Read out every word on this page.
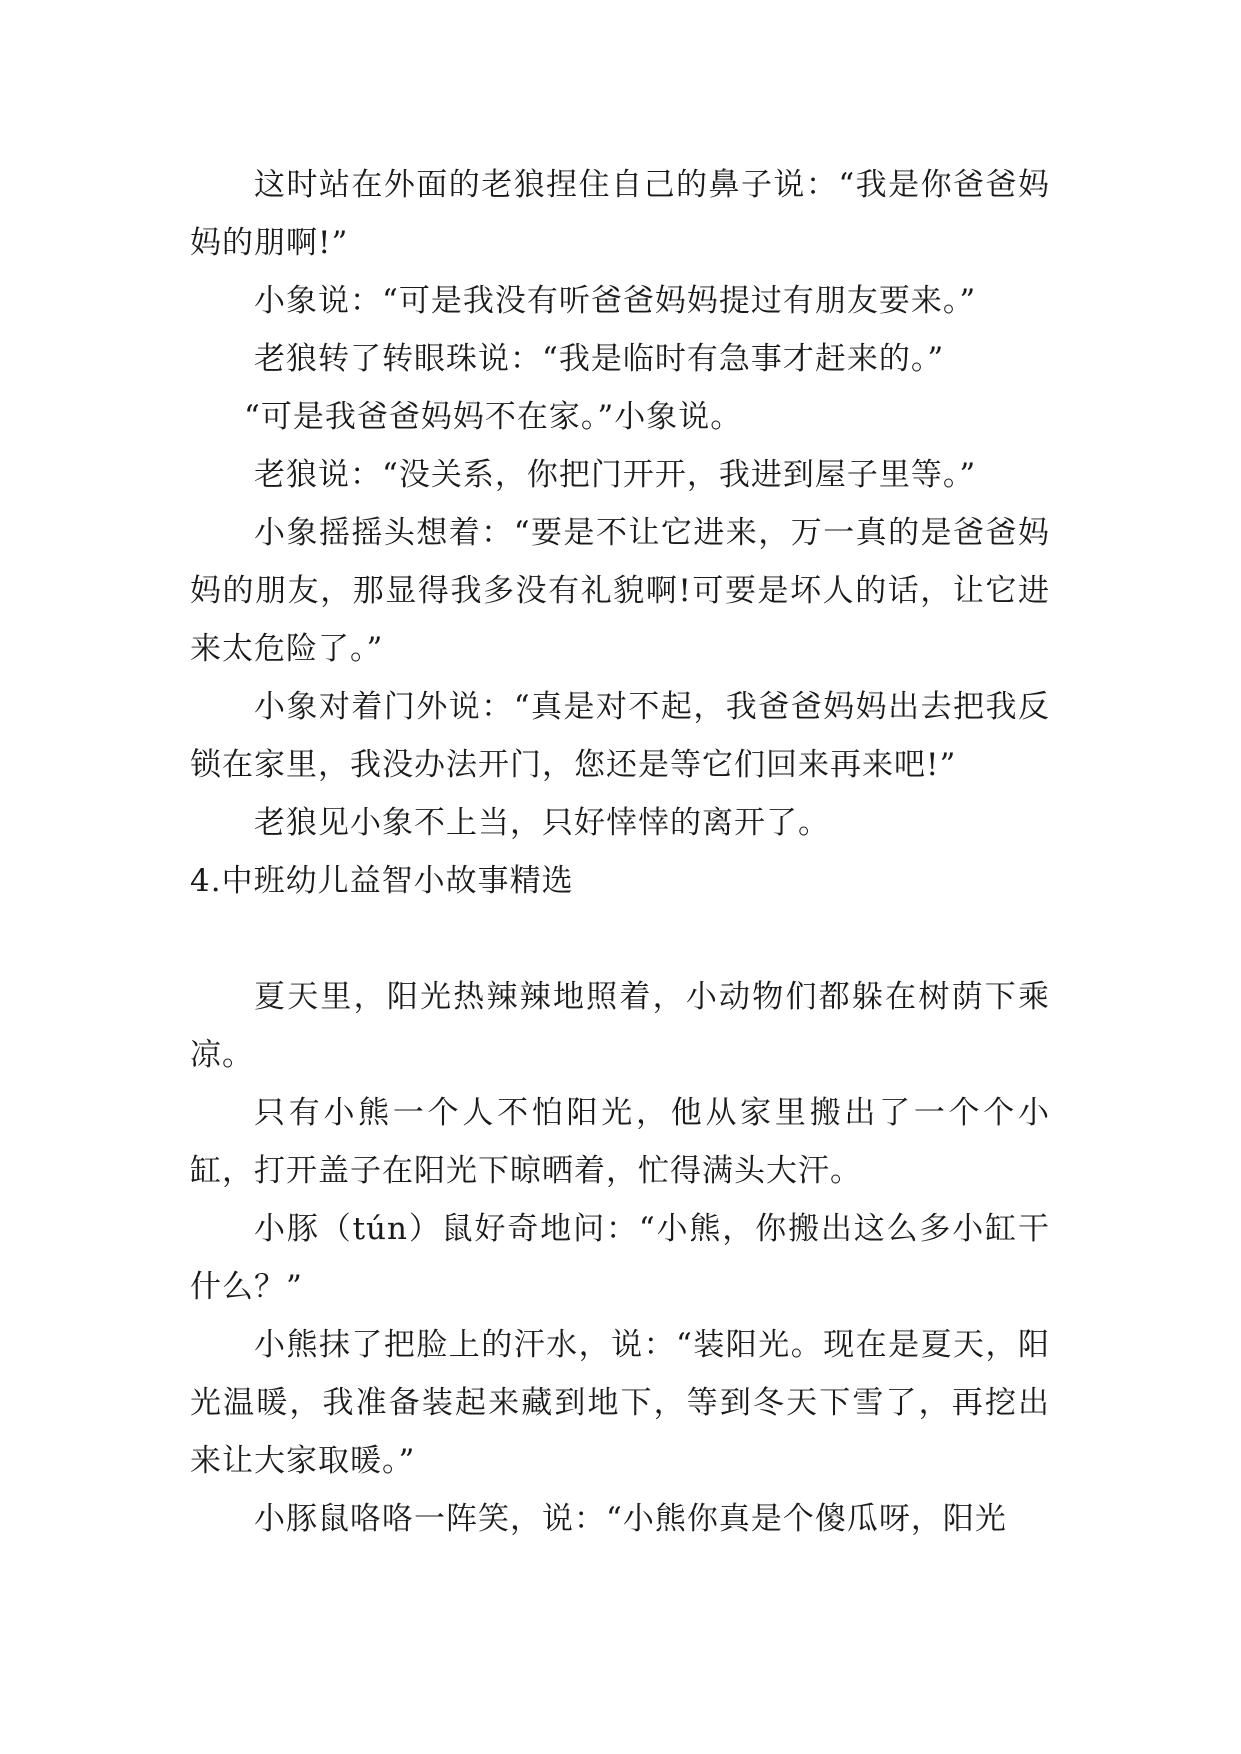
这时站在外面的老狼捏住自己的鼻子说：“我是你爸爸妈妈的朋啊!”

小象说：“可是我没有听爸爸妈妈提过有朋友要来。”

老狼转了转眼珠说：“我是临时有急事才赶来的。”

“可是我爸爸妈妈不在家。”小象说。

老狼说：“没关系，你把门开开，我进到屋子里等。”

小象摇摇头想着：“要是不让它进来，万一真的是爸爸妈妈的朋友，那显得我多没有礼貌啊!可要是坏人的话，让它进来太危险了。”

小象对着门外说：“真是对不起，我爸爸妈妈出去把我反锁在家里，我没办法开门，您还是等它们回来再来吧!”

老狼见小象不上当，只好悻悻的离开了。

4.中班幼儿益智小故事精选

夏天里，阳光热辣辣地照着，小动物们都躲在树荫下乘凉。

只有小熊一个人不怕阳光，他从家里搬出了一个个小缸，打开盖子在阳光下晾晒着，忙得满头大汗。

小豚（tún）鼠好奇地问：“小熊，你搬出这么多小缸干什么？”

小熊抹了把脸上的汗水，说：“装阳光。现在是夏天，阳光温暖，我准备装起来藏到地下，等到冬天下雪了，再挖出来让大家取暖。”

小豚鼠咯咯一阵笑，说：“小熊你真是个傻瓜呀，阳光
